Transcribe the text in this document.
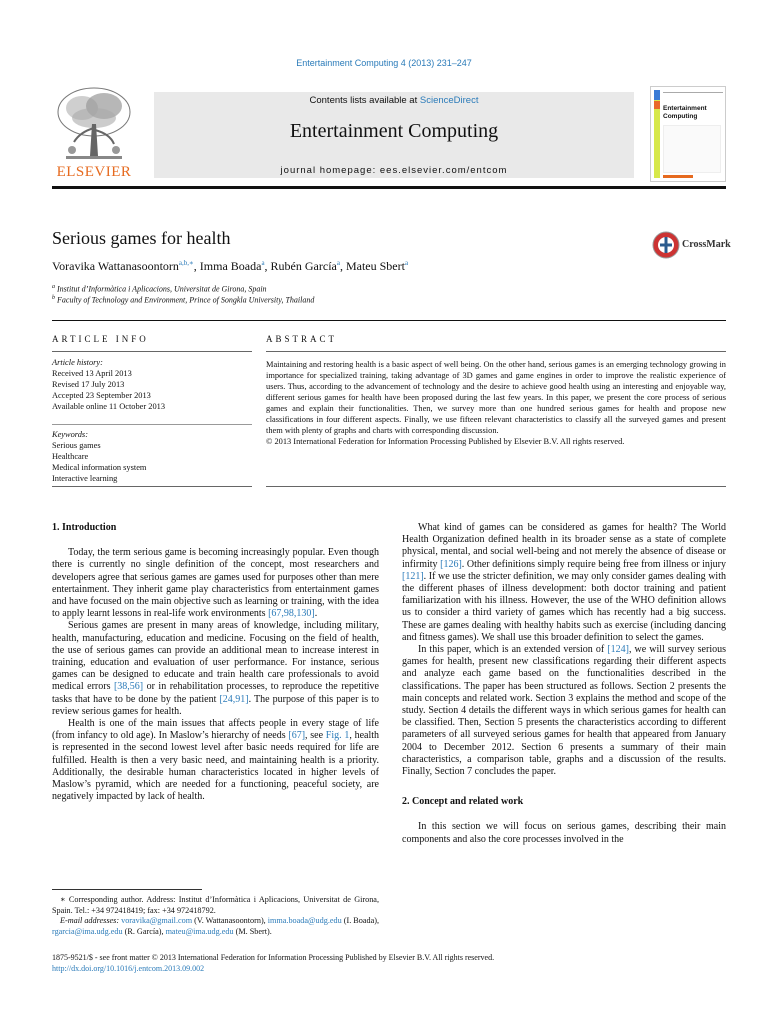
Entertainment Computing 4 (2013) 231–247
ELSEVIER
Contents lists available at ScienceDirect
Entertainment Computing
journal homepage: ees.elsevier.com/entcom
Entertainment Computing
Serious games for health	CrossMark
Voravika Wattanasoontorn$^{a,b,∗}$, Imma Boada$^a$, Rubén García$^a$, Mateu Sbert$^a$
$^a$ Institut d’Informàtica i Aplicacions, Universitat de Girona, Spain
$^b$ Faculty of Technology and Environment, Prince of Songkla University, Thailand
ARTICLE INFO	ABSTRACT
Article history:
Received 13 April 2013
Revised 17 July 2013
Accepted 23 September 2013
Available online 11 October 2013
Keywords:
Serious games
Healthcare
Medical information system
Interactive learning
Maintaining and restoring health is a basic aspect of well being. On the other hand, serious games is an emerging technology growing in importance for specialized training, taking advantage of 3D games and game engines in order to improve the realistic experience of users. Thus, according to the advancement of technology and the desire to achieve good health using an interesting and enjoyable way, different serious games for health have been proposed during the last few years. In this paper, we present the core process of serious games and explain their functionalities. Then, we survey more than one hundred serious games for health and propose new classifications in four different aspects. Finally, we use fifteen relevant characteristics to classify all the surveyed games and present them with plenty of graphs and charts with corresponding discussion.
© 2013 International Federation for Information Processing Published by Elsevier B.V. All rights reserved.
1. Introduction

Today, the term serious game is becoming increasingly popular. Even though there is currently no single definition of the concept, most researchers and developers agree that serious games are games used for purposes other than mere entertainment. They inherit game play characteristics from entertainment games and have focused on the main objective such as learning or training, with the idea to apply learnt lessons in real-life work environments [67,98,130].

Serious games are present in many areas of knowledge, including military, health, manufacturing, education and medicine. Focusing on the field of health, the use of serious games can provide an additional mean to increase interest in training, education and evaluation of user performance. For instance, serious games can be designed to educate and train health care professionals to avoid medical errors [38,56] or in rehabilitation processes, to reproduce the repetitive tasks that have to be done by the patient [24,91]. The purpose of this paper is to review serious games for health.

Health is one of the main issues that affects people in every stage of life (from infancy to old age). In Maslow’s hierarchy of needs [67], see Fig. 1, health is represented in the second lowest level after basic needs required for life are fulfilled. Health is then a very basic need, and maintaining health is a priority. Additionally, the desirable human characteristics located in higher levels of Maslow’s pyramid, which are needed for a functioning, peaceful society, are negatively impacted by lack of health.

What kind of games can be considered as games for health? The World Health Organization defined health in its broader sense as a state of complete physical, mental, and social well-being and not merely the absence of disease or infirmity [126]. Other definitions simply require being free from illness or injury [121]. If we use the stricter definition, we may only consider games dealing with the different phases of illness development: both doctor training and patient familiarization with his illness. However, the use of the WHO definition allows us to consider a third variety of games which has recently had a big success. These are games dealing with healthy habits such as exercise (including dancing and fitness games). We shall use this broader definition to select the games.

In this paper, which is an extended version of [124], we will survey serious games for health, present new classifications regarding their different aspects and analyze each game based on the functionalities described in the classifications. The paper has been structured as follows. Section 2 presents the main concepts and related work. Section 3 explains the method and scope of the study. Section 4 details the different ways in which serious games for health can be classified. Then, Section 5 presents the characteristics according to different parameters of all surveyed serious games for health that appeared from January 2004 to December 2012. Section 6 presents a summary of their main characteristics, a comparison table, graphs and a discussion of the results. Finally, Section 7 concludes the paper.

2. Concept and related work

In this section we will focus on serious games, describing their main components and also the core processes involved in the

∗ Corresponding author. Address: Institut d’Informàtica i Aplicacions, Universitat de Girona, Spain. Tel.: +34 972418419; fax: +34 972418792.
E-mail addresses: voravika@gmail.com (V. Wattanasoontorn), imma.boada@udg.edu (I. Boada), rgarcia@ima.udg.edu (R. García), mateu@ima.udg.edu (M. Sbert).
1875-9521/$ - see front matter © 2013 International Federation for Information Processing Published by Elsevier B.V. All rights reserved.
http://dx.doi.org/10.1016/j.entcom.2013.09.002
